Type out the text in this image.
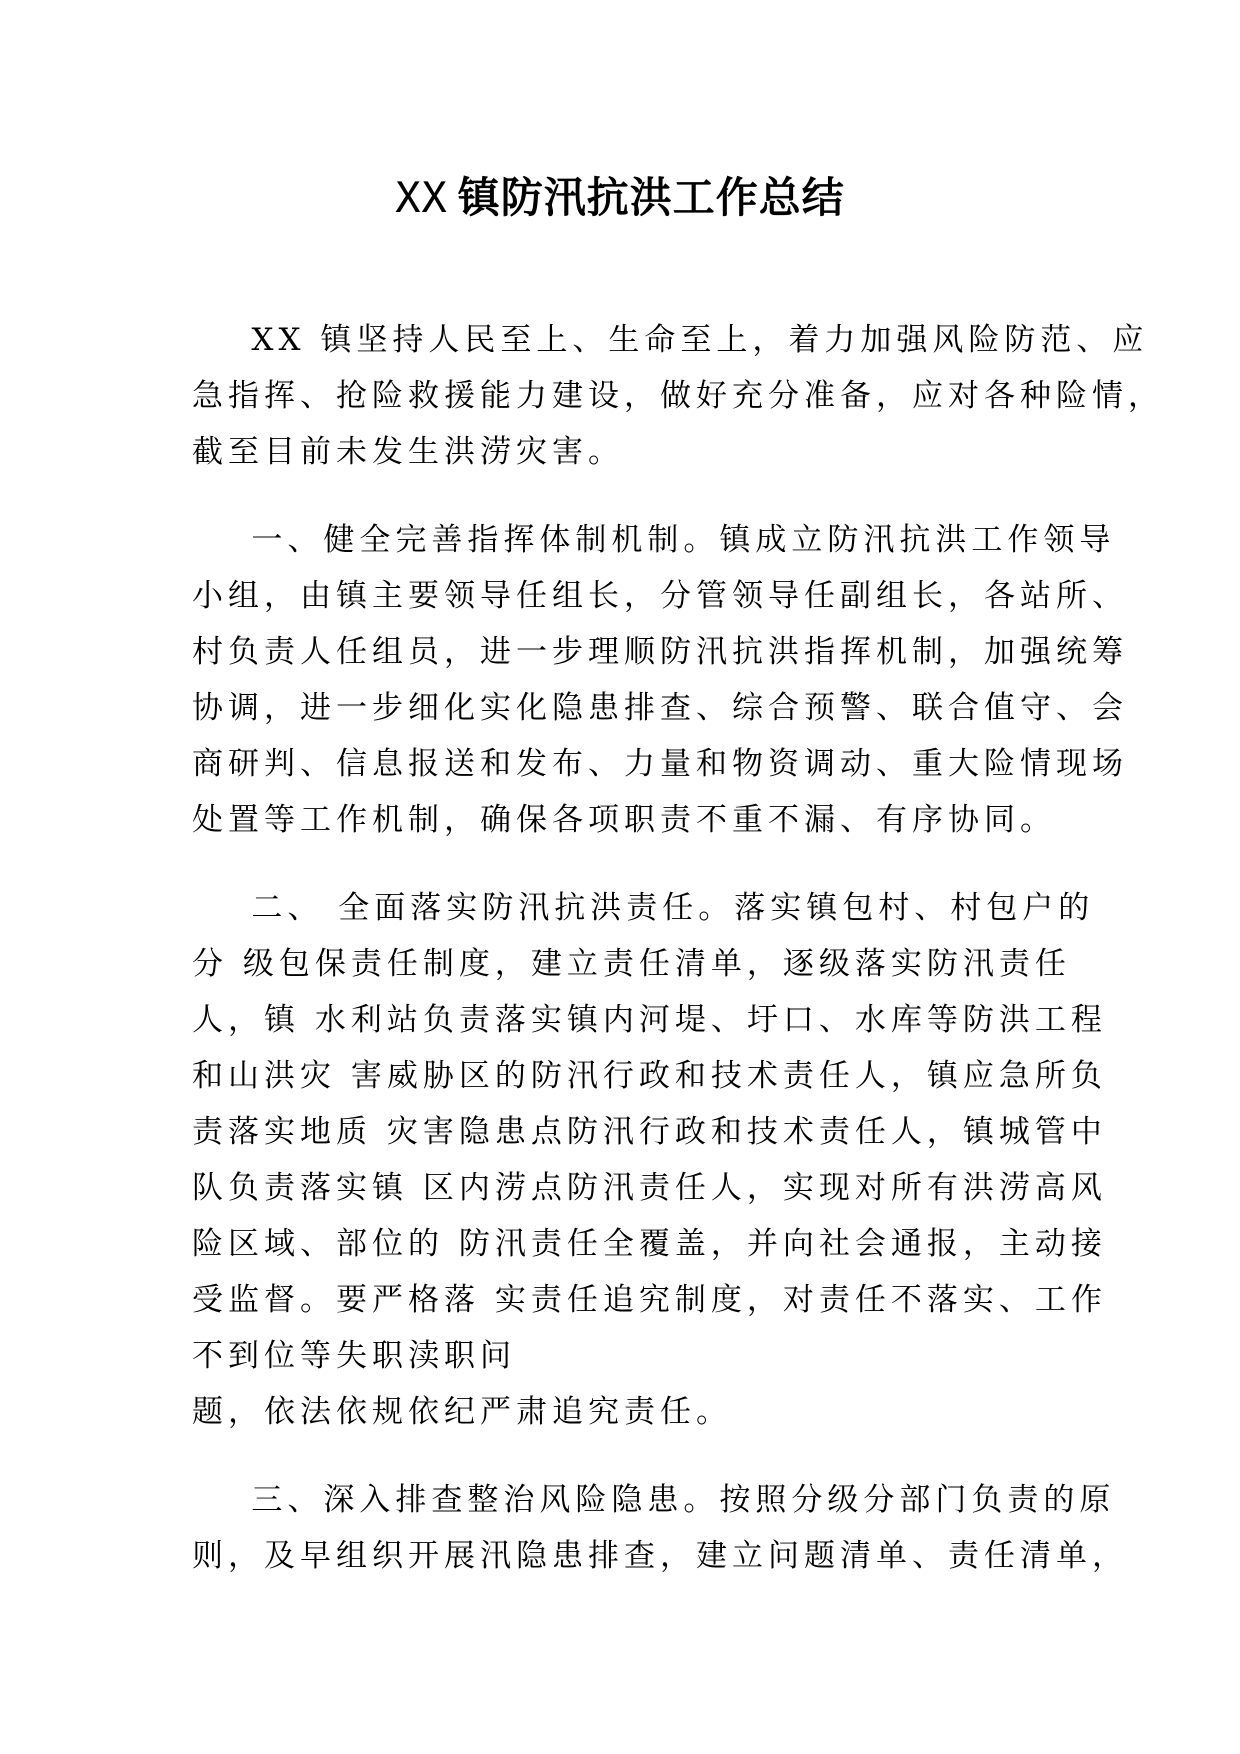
XX 镇防汛抗洪工作总结
XX 镇坚持人民至上、生命至上，着力加强风险防范、应
急指挥、抢险救援能力建设，做好充分准备，应对各种险情，
截至目前未发生洪涝灾害。
一、健全完善指挥体制机制。镇成立防汛抗洪工作领导
小组，由镇主要领导任组长，分管领导任副组长，各站所、
村负责人任组员，进一步理顺防汛抗洪指挥机制，加强统筹
协调，进一步细化实化隐患排查、综合预警、联合值守、会
商研判、信息报送和发布、力量和物资调动、重大险情现场
处置等工作机制，确保各项职责不重不漏、有序协同。
二、 全面落实防汛抗洪责任。落实镇包村、村包户的
分 级包保责任制度，建立责任清单，逐级落实防汛责任
人，镇 水利站负责落实镇内河堤、圩口、水库等防洪工程
和山洪灾 害威胁区的防汛行政和技术责任人，镇应急所负
责落实地质 灾害隐患点防汛行政和技术责任人，镇城管中
队负责落实镇 区内涝点防汛责任人，实现对所有洪涝高风
险区域、部位的 防汛责任全覆盖，并向社会通报，主动接
受监督。要严格落 实责任追究制度，对责任不落实、工作
不到位等失职渎职问
题，依法依规依纪严肃追究责任。
三、深入排查整治风险隐患。按照分级分部门负责的原
则，及早组织开展汛隐患排查，建立问题清单、责任清单，
